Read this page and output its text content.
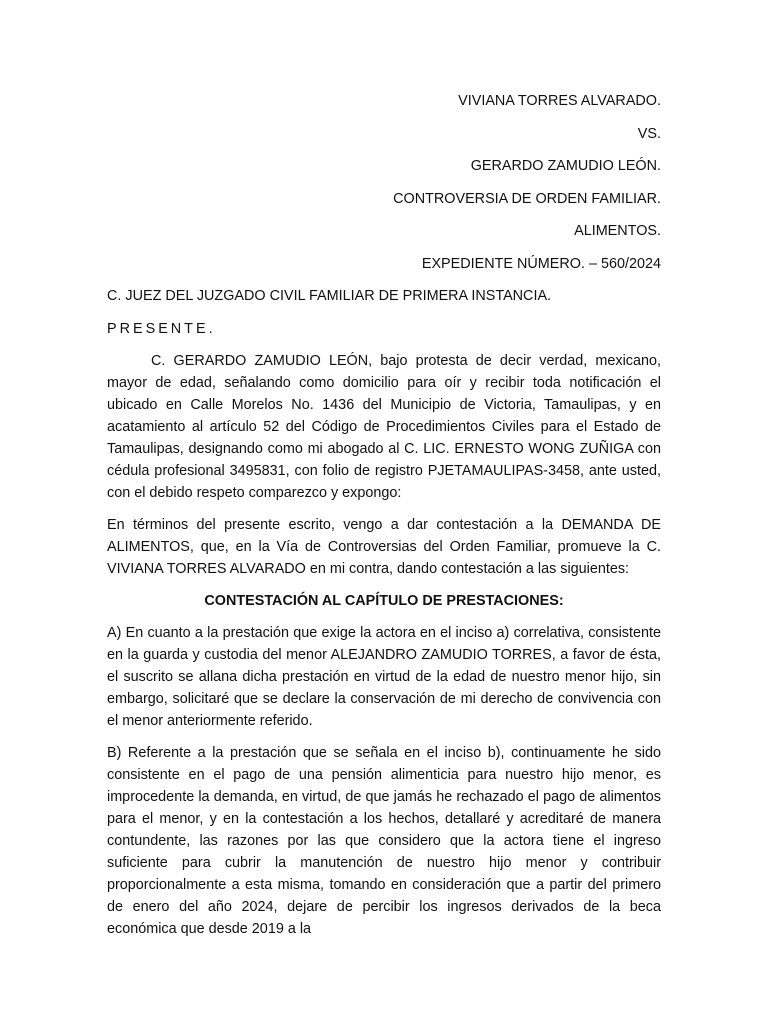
VIVIANA TORRES ALVARADO.

VS.

GERARDO ZAMUDIO LEÓN.

CONTROVERSIA DE ORDEN FAMILIAR.

ALIMENTOS.

EXPEDIENTE NÚMERO. – 560/2024

C. JUEZ DEL JUZGADO CIVIL FAMILIAR DE PRIMERA INSTANCIA.

PRESENTE.

C. GERARDO ZAMUDIO LEÓN, bajo protesta de decir verdad, mexicano, mayor de edad, señalando como domicilio para oír y recibir toda notificación el ubicado en Calle Morelos No. 1436 del Municipio de Victoria, Tamaulipas, y en acatamiento al artículo 52 del Código de Procedimientos Civiles para el Estado de Tamaulipas, designando como mi abogado al C. LIC. ERNESTO WONG ZUÑIGA con cédula profesional 3495831, con folio de registro PJETAMAULIPAS-3458, ante usted, con el debido respeto comparezco y expongo:

En términos del presente escrito, vengo a dar contestación a la DEMANDA DE ALIMENTOS, que, en la Vía de Controversias del Orden Familiar, promueve la C. VIVIANA TORRES ALVARADO en mi contra, dando contestación a las siguientes:

CONTESTACIÓN AL CAPÍTULO DE PRESTACIONES:

A) En cuanto a la prestación que exige la actora en el inciso a) correlativa, consistente en la guarda y custodia del menor ALEJANDRO ZAMUDIO TORRES, a favor de ésta, el suscrito se allana dicha prestación en virtud de la edad de nuestro menor hijo, sin embargo, solicitaré que se declare la conservación de mi derecho de convivencia con el menor anteriormente referido.

B) Referente a la prestación que se señala en el inciso b), continuamente he sido consistente en el pago de una pensión alimenticia para nuestro hijo menor, es improcedente la demanda, en virtud, de que jamás he rechazado el pago de alimentos para el menor, y en la contestación a los hechos, detallaré y acreditaré de manera contundente, las razones por las que considero que la actora tiene el ingreso suficiente para cubrir la manutención de nuestro hijo menor y contribuir proporcionalmente a esta misma, tomando en consideración que a partir del primero de enero del año 2024, dejare de percibir los ingresos derivados de la beca económica que desde 2019 a la
